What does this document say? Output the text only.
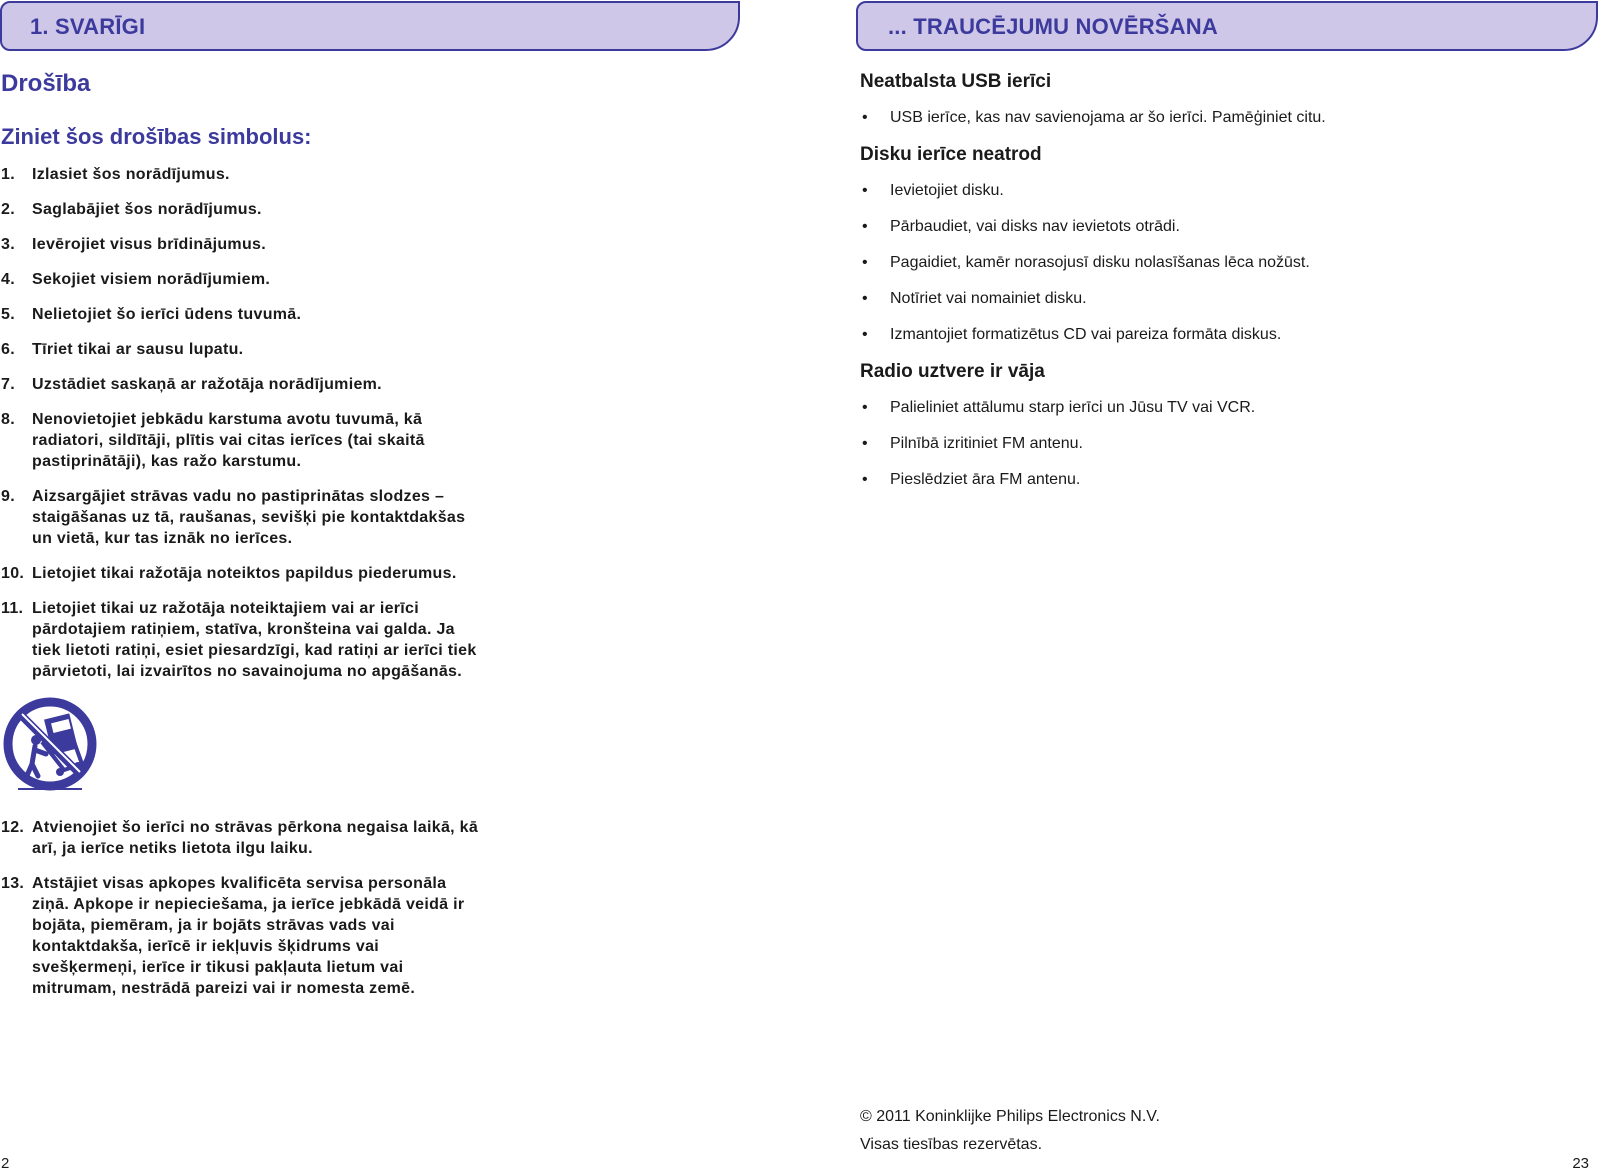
1. SVARĪGI
Drošība
Ziniet šos drošības simbolus:
1. Izlasiet šos norādījumus.
2. Saglabājiet šos norādījumus.
3. Ievērojiet visus brīdinājumus.
4. Sekojiet visiem norādījumiem.
5. Nelietojiet šo ierīci ūdens tuvumā.
6. Tīriet tikai ar sausu lupatu.
7. Uzstādiet saskaņā ar ražotāja norādījumiem.
8. Nenovietojiet jebkādu karstuma avotu tuvumā, kā radiatori, sildītāji, plītis vai citas ierīces (tai skaitā pastiprinātāji), kas ražo karstumu.
9. Aizsargājiet strāvas vadu no pastiprinātas slodzes – staigāšanas uz tā, raušanas, sevišķi pie kontaktdakšas un vietā, kur tas iznāk no ierīces.
10. Lietojiet tikai ražotāja noteiktos papildus piederumus.
11. Lietojiet tikai uz ražotāja noteiktajiem vai ar ierīci pārdotajiem ratiņiem, statīva, kronšteina vai galda. Ja tiek lietoti ratiņi, esiet piesardzīgi, kad ratiņi ar ierīci tiek pārvietoti, lai izvairītos no savainojuma no apgāšanās.
12. Atvienojiet šo ierīci no strāvas pērkona negaisa laikā, kā arī, ja ierīce netiks lietota ilgu laiku.
13. Atstājiet visas apkopes kvalificēta servisa personāla ziņā. Apkope ir nepieciešama, ja ierīce jebkādā veidā ir bojāta, piemēram, ja ir bojāts strāvas vads vai kontaktdakša, ierīcē ir iekļuvis šķidrums vai svešķermeņi, ierīce ir tikusi pakļauta lietum vai mitrumam, nestrādā pareizi vai ir nomesta zemē.
2
... TRAUCĒJUMU NOVĒRŠANA
Neatbalsta USB ierīci
• USB ierīce, kas nav savienojama ar šo ierīci. Pamēģiniet citu.
Disku ierīce neatrod
• Ievietojiet disku.
• Pārbaudiet, vai disks nav ievietots otrādi.
• Pagaidiet, kamēr norasojusī disku nolasīšanas lēca nožūst.
• Notīriet vai nomainiet disku.
• Izmantojiet formatizētus CD vai pareiza formāta diskus.
Radio uztvere ir vāja
• Palieliniet attālumu starp ierīci un Jūsu TV vai VCR.
• Pilnībā izritiniet FM antenu.
• Pieslēdziet āra FM antenu.
© 2011 Koninklijke Philips Electronics N.V.
Visas tiesības rezervētas.
23
